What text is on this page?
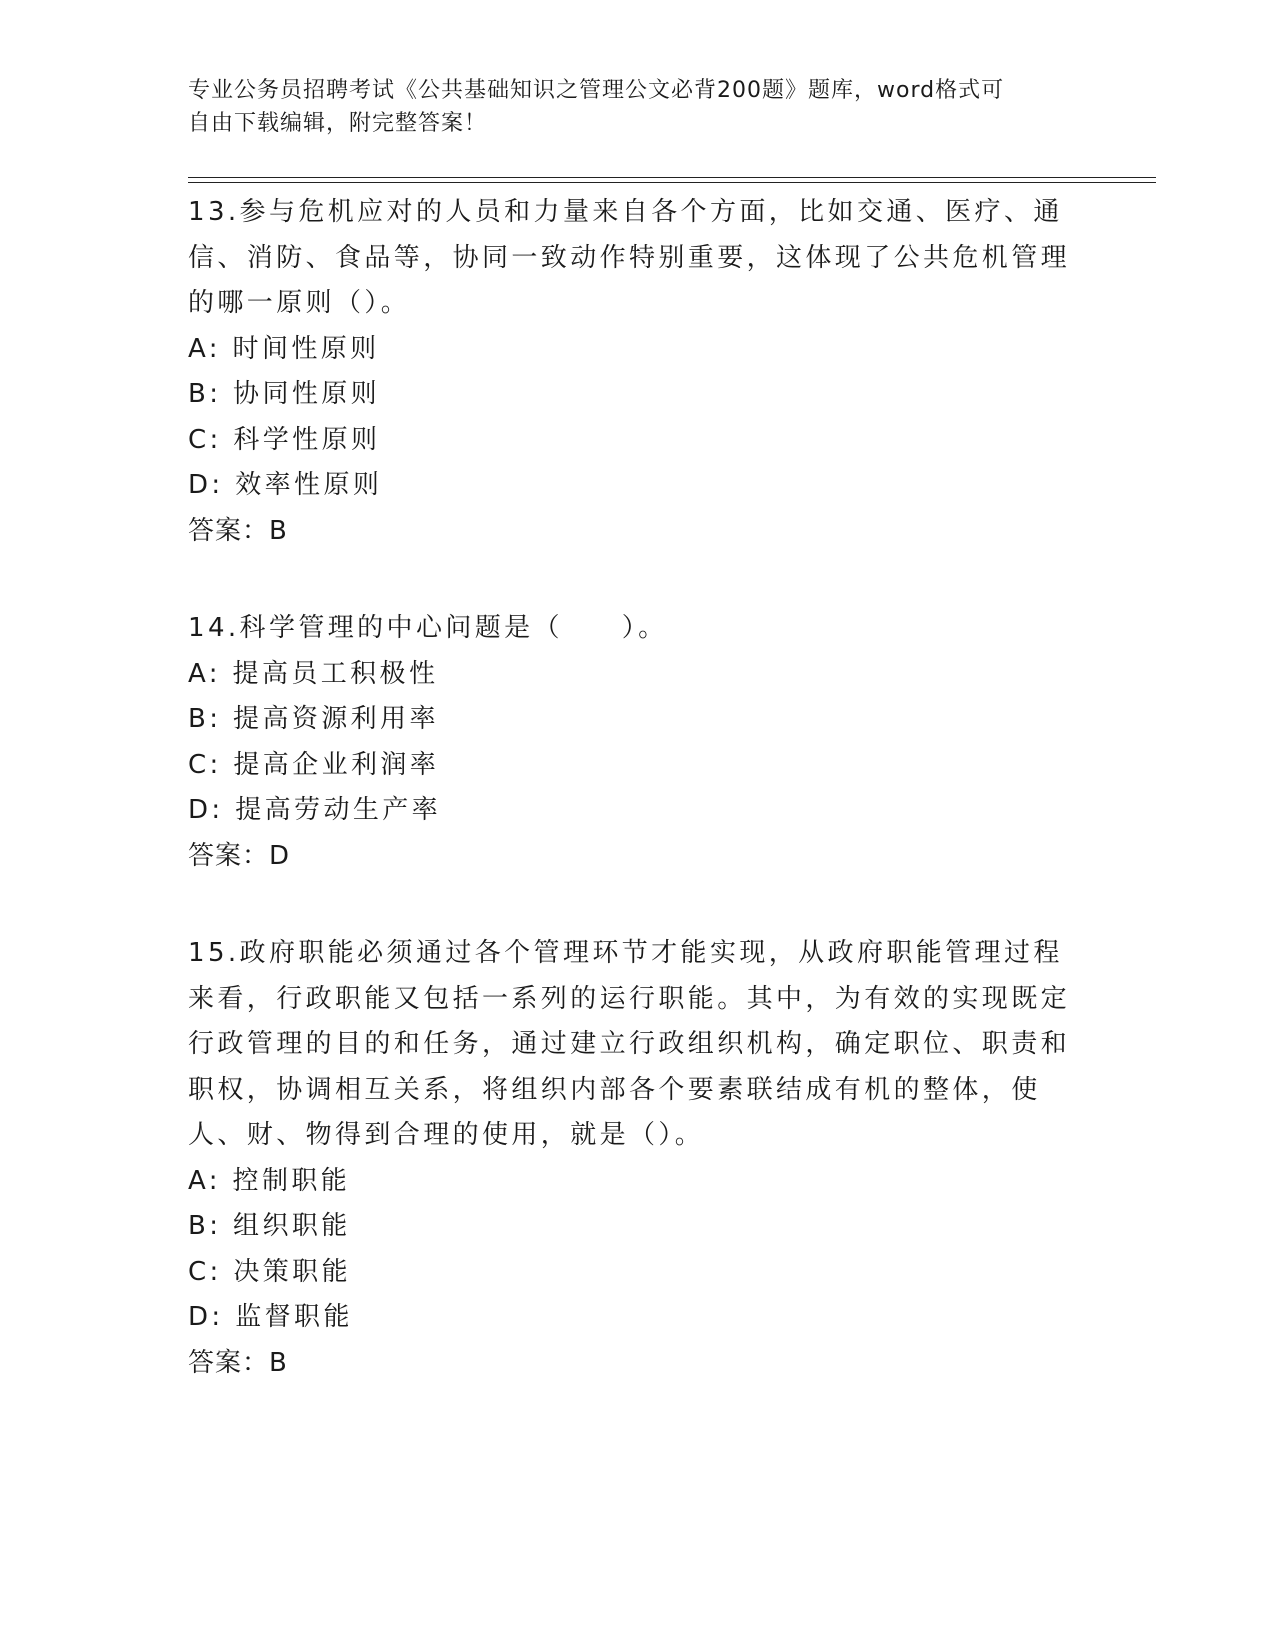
专业公务员招聘考试《公共基础知识之管理公文必背200题》题库，word格式可
自由下载编辑，附完整答案！

13.参与危机应对的人员和力量来自各个方面，比如交通、医疗、通信、消防、食品等，协同一致动作特别重要，这体现了公共危机管理的哪一原则（）。

A: 时间性原则
B: 协同性原则
C: 科学性原则
D: 效率性原则

答案：B

14.科学管理的中心问题是（　　）。

A: 提高员工积极性
B: 提高资源利用率
C: 提高企业利润率
D: 提高劳动生产率

答案：D

15.政府职能必须通过各个管理环节才能实现，从政府职能管理过程来看，行政职能又包括一系列的运行职能。其中，为有效的实现既定行政管理的目的和任务，通过建立行政组织机构，确定职位、职责和职权，协调相互关系，将组织内部各个要素联结成有机的整体，使人、财、物得到合理的使用，就是（）。

A: 控制职能
B: 组织职能
C: 决策职能
D: 监督职能

答案：B
